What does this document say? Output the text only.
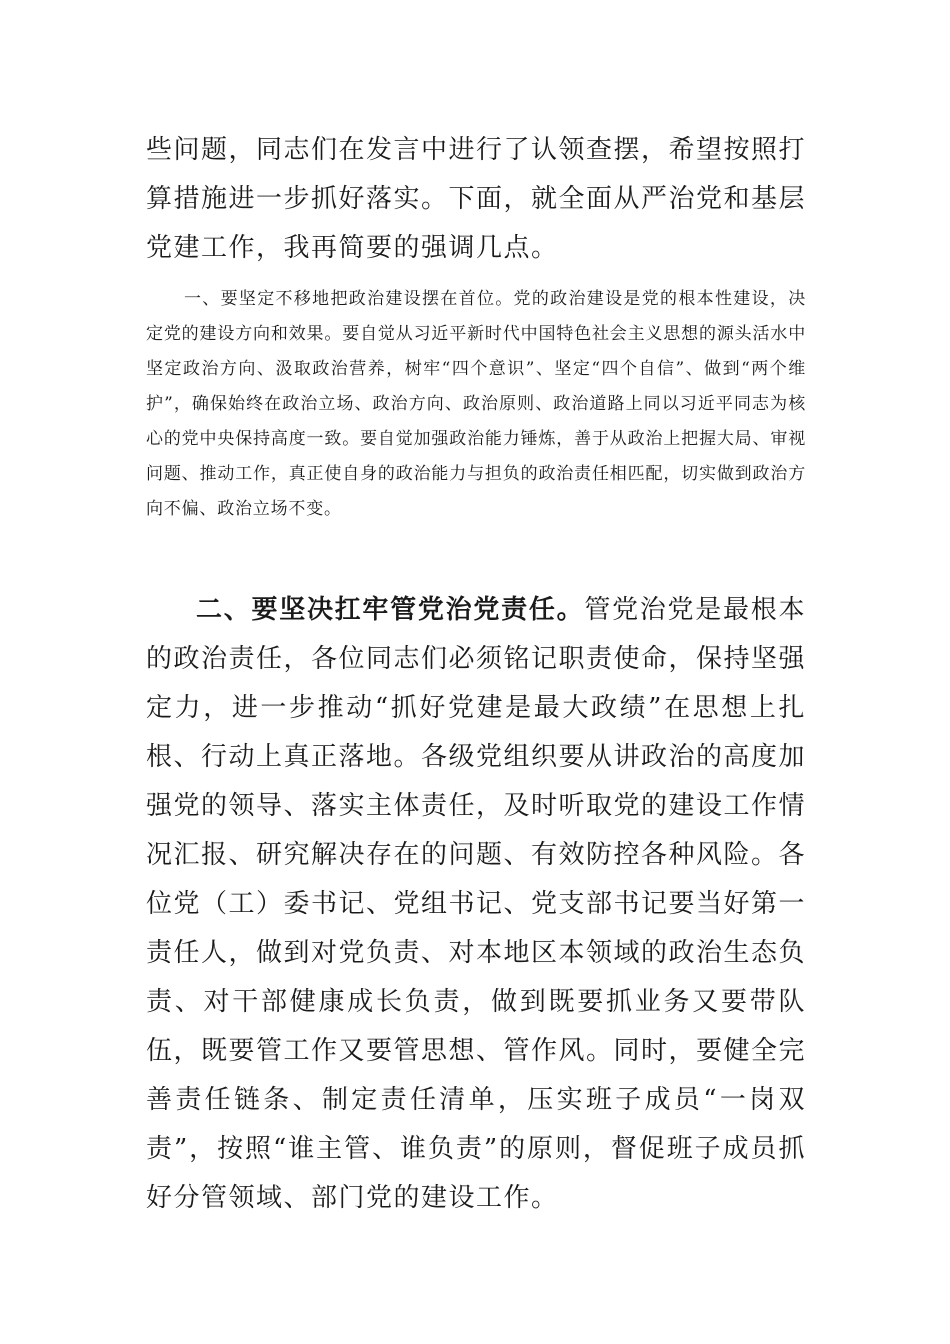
些问题，同志们在发言中进行了认领查摆，希望按照打算措施进一步抓好落实。下面，就全面从严治党和基层党建工作，我再简要的强调几点。

一、要坚定不移地把政治建设摆在首位。党的政治建设是党的根本性建设，决定党的建设方向和效果。要自觉从习近平新时代中国特色社会主义思想的源头活水中坚定政治方向、汲取政治营养，树牢“四个意识”、坚定“四个自信”、做到“两个维护”，确保始终在政治立场、政治方向、政治原则、政治道路上同以习近平同志为核心的党中央保持高度一致。要自觉加强政治能力锤炼，善于从政治上把握大局、审视问题、推动工作，真正使自身的政治能力与担负的政治责任相匹配，切实做到政治方向不偏、政治立场不变。

二、要坚决扛牢管党治党责任。管党治党是最根本的政治责任，各位同志们必须铭记职责使命，保持坚强定力，进一步推动“抓好党建是最大政绩”在思想上扎根、行动上真正落地。各级党组织要从讲政治的高度加强党的领导、落实主体责任，及时听取党的建设工作情况汇报、研究解决存在的问题、有效防控各种风险。各位党（工）委书记、党组书记、党支部书记要当好第一责任人，做到对党负责、对本地区本领域的政治生态负责、对干部健康成长负责，做到既要抓业务又要带队伍，既要管工作又要管思想、管作风。同时，要健全完善责任链条、制定责任清单，压实班子成员“一岗双责”，按照“谁主管、谁负责”的原则，督促班子成员抓好分管领域、部门党的建设工作。
